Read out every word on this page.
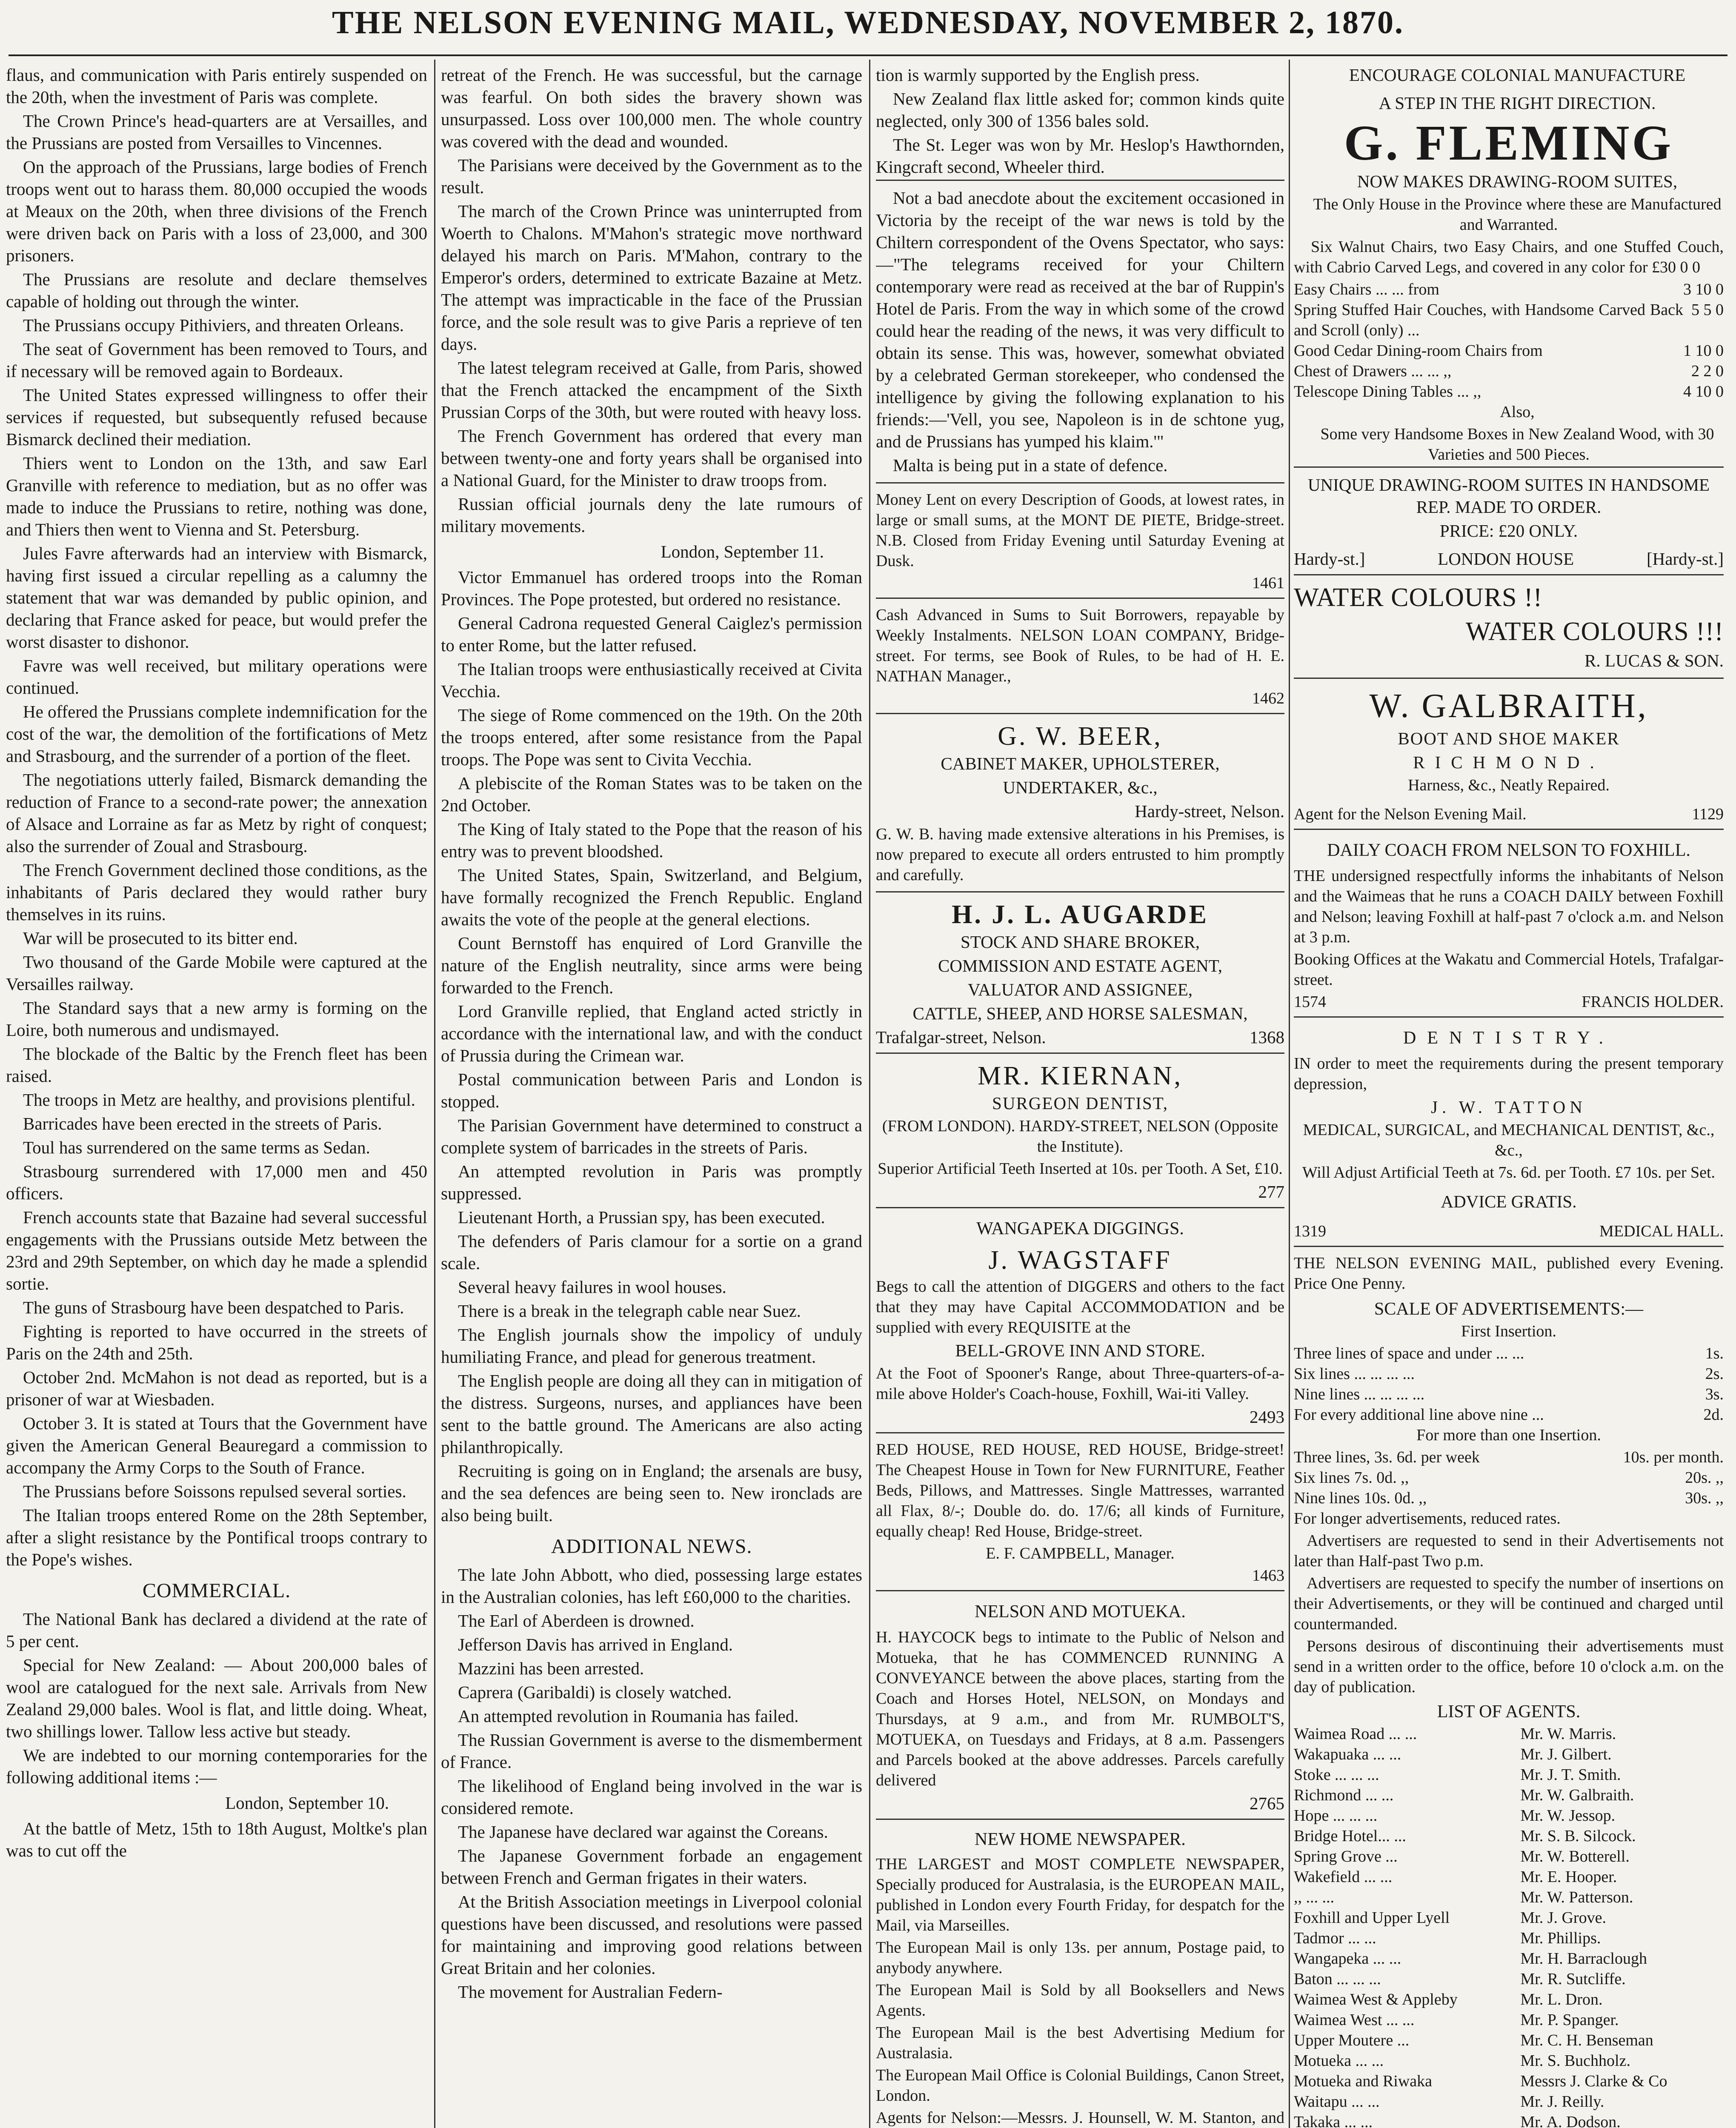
THE NELSON EVENING MAIL, WEDNESDAY, NOVEMBER 2, 1870.

flaus, and communication with Paris entirely suspended on the 20th, when the investment of Paris was complete.

The Crown Prince's head-quarters are at Versailles, and the Prussians are posted from Versailles to Vincennes.

On the approach of the Prussians, large bodies of French troops went out to harass them. 80,000 occupied the woods at Meaux on the 20th, when three divisions of the French were driven back on Paris with a loss of 23,000, and 300 prisoners.

The Prussians are resolute and declare themselves capable of holding out through the winter.

The Prussians occupy Pithiviers, and threaten Orleans.

The seat of Government has been removed to Tours, and if necessary will be removed again to Bordeaux.

The United States expressed willingness to offer their services if requested, but subsequently refused because Bismarck declined their mediation.

Thiers went to London on the 13th, and saw Earl Granville with reference to mediation, but as no offer was made to induce the Prussians to retire, nothing was done, and Thiers then went to Vienna and St. Petersburg.

Jules Favre afterwards had an interview with Bismarck, having first issued a circular repelling as a calumny the statement that war was demanded by public opinion, and declaring that France asked for peace, but would prefer the worst disaster to dishonor.

Favre was well received, but military operations were continued.

He offered the Prussians complete indemnification for the cost of the war, the demolition of the fortifications of Metz and Strasbourg, and the surrender of a portion of the fleet.

The negotiations utterly failed, Bismarck demanding the reduction of France to a second-rate power; the annexation of Alsace and Lorraine as far as Metz by right of conquest; also the surrender of Zoual and Strasbourg.

The French Government declined those conditions, as the inhabitants of Paris declared they would rather bury themselves in its ruins.

War will be prosecuted to its bitter end.

Two thousand of the Garde Mobile were captured at the Versailles railway.

The Standard says that a new army is forming on the Loire, both numerous and undismayed.

The blockade of the Baltic by the French fleet has been raised.

The troops in Metz are healthy, and provisions plentiful.

Barricades have been erected in the streets of Paris.

Toul has surrendered on the same terms as Sedan.

Strasbourg surrendered with 17,000 men and 450 officers.

French accounts state that Bazaine had several successful engagements with the Prussians outside Metz between the 23rd and 29th September, on which day he made a splendid sortie.

The guns of Strasbourg have been despatched to Paris.

Fighting is reported to have occurred in the streets of Paris on the 24th and 25th.

October 2nd. McMahon is not dead as reported, but is a prisoner of war at Wiesbaden.

October 3. It is stated at Tours that the Government have given the American General Beauregard a commission to accompany the Army Corps to the South of France.

The Prussians before Soissons repulsed several sorties.

The Italian troops entered Rome on the 28th September, after a slight resistance by the Pontifical troops contrary to the Pope's wishes.

COMMERCIAL.

The National Bank has declared a dividend at the rate of 5 per cent.

Special for New Zealand: — About 200,000 bales of wool are catalogued for the next sale. Arrivals from New Zealand 29,000 bales. Wool is flat, and little doing. Wheat, two shillings lower. Tallow less active but steady.

We are indebted to our morning contemporaries for the following additional items :—

London, September 10.

At the battle of Metz, 15th to 18th August, Moltke's plan was to cut off the

retreat of the French. He was successful, but the carnage was fearful. On both sides the bravery shown was unsurpassed. Loss over 100,000 men. The whole country was covered with the dead and wounded.

The Parisians were deceived by the Government as to the result.

The march of the Crown Prince was uninterrupted from Woerth to Chalons. M'Mahon's strategic move northward delayed his march on Paris. M'Mahon, contrary to the Emperor's orders, determined to extricate Bazaine at Metz. The attempt was impracticable in the face of the Prussian force, and the sole result was to give Paris a reprieve of ten days.

The latest telegram received at Galle, from Paris, showed that the French attacked the encampment of the Sixth Prussian Corps of the 30th, but were routed with heavy loss.

The French Government has ordered that every man between twenty-one and forty years shall be organised into a National Guard, for the Minister to draw troops from.

Russian official journals deny the late rumours of military movements.

London, September 11.

Victor Emmanuel has ordered troops into the Roman Provinces. The Pope protested, but ordered no resistance.

General Cadrona requested General Caiglez's permission to enter Rome, but the latter refused.

The Italian troops were enthusiastically received at Civita Vecchia.

The siege of Rome commenced on the 19th. On the 20th the troops entered, after some resistance from the Papal troops. The Pope was sent to Civita Vecchia.

A plebiscite of the Roman States was to be taken on the 2nd October.

The King of Italy stated to the Pope that the reason of his entry was to prevent bloodshed.

The United States, Spain, Switzerland, and Belgium, have formally recognized the French Republic. England awaits the vote of the people at the general elections.

Count Bernstoff has enquired of Lord Granville the nature of the English neutrality, since arms were being forwarded to the French.

Lord Granville replied, that England acted strictly in accordance with the international law, and with the conduct of Prussia during the Crimean war.

Postal communication between Paris and London is stopped.

The Parisian Government have determined to construct a complete system of barricades in the streets of Paris.

An attempted revolution in Paris was promptly suppressed.

Lieutenant Horth, a Prussian spy, has been executed.

The defenders of Paris clamour for a sortie on a grand scale.

Several heavy failures in wool houses.

There is a break in the telegraph cable near Suez.

The English journals show the impolicy of unduly humiliating France, and plead for generous treatment.

The English people are doing all they can in mitigation of the distress. Surgeons, nurses, and appliances have been sent to the battle ground. The Americans are also acting philanthropically.

Recruiting is going on in England; the arsenals are busy, and the sea defences are being seen to. New ironclads are also being built.

ADDITIONAL NEWS.

The late John Abbott, who died, possessing large estates in the Australian colonies, has left £60,000 to the charities.

The Earl of Aberdeen is drowned.

Jefferson Davis has arrived in England.

Mazzini has been arrested.

Caprera (Garibaldi) is closely watched.

An attempted revolution in Roumania has failed.

The Russian Government is averse to the dismemberment of France.

The likelihood of England being involved in the war is considered remote.

The Japanese have declared war against the Coreans.

The Japanese Government forbade an engagement between French and German frigates in their waters.

At the British Association meetings in Liverpool colonial questions have been discussed, and resolutions were passed for maintaining and improving good relations between Great Britain and her colonies.

The movement for Australian Federn-

tion is warmly supported by the English press.

New Zealand flax little asked for; common kinds quite neglected, only 300 of 1356 bales sold.

The St. Leger was won by Mr. Heslop's Hawthornden, Kingcraft second, Wheeler third.

Not a bad anecdote about the excitement occasioned in Victoria by the receipt of the war news is told by the Chiltern correspondent of the Ovens Spectator, who says:—"The telegrams received for your Chiltern contemporary were read as received at the bar of Ruppin's Hotel de Paris. From the way in which some of the crowd could hear the reading of the news, it was very difficult to obtain its sense. This was, however, somewhat obviated by a celebrated German storekeeper, who condensed the intelligence by giving the following explanation to his friends:—'Vell, you see, Napoleon is in de schtone yug, and de Prussians has yumped his klaim.'"

Malta is being put in a state of defence.

Money Lent on every Description of Goods, at lowest rates, in large or small sums, at the MONT DE PIETE, Bridge-street. N.B. Closed from Friday Evening until Saturday Evening at Dusk.

1461

Cash Advanced in Sums to Suit Borrowers, repayable by Weekly Instalments. NELSON LOAN COMPANY, Bridge-street. For terms, see Book of Rules, to be had of H. E. NATHAN Manager.,

1462
G. W. BEER,

CABINET MAKER, UPHOLSTERER,

UNDERTAKER, &c.,

Hardy-street, Nelson.

G. W. B. having made extensive alterations in his Premises, is now prepared to execute all orders entrusted to him promptly and carefully.

H. J. L. AUGARDE

STOCK AND SHARE BROKER,

COMMISSION AND ESTATE AGENT,

VALUATOR AND ASSIGNEE,

CATTLE, SHEEP, AND HORSE SALESMAN,

Trafalgar-street, Nelson.	1368
MR. KIERNAN,

SURGEON DENTIST,

(FROM LONDON). HARDY-STREET, NELSON (Opposite the Institute).

Superior Artificial Teeth Inserted at 10s. per Tooth. A Set, £10.

277
WANGAPEKA DIGGINGS.
J. WAGSTAFF

Begs to call the attention of DIGGERS and others to the fact that they may have Capital ACCOMMODATION and be supplied with every REQUISITE at the

BELL-GROVE INN AND STORE.

At the Foot of Spooner's Range, about Three-quarters-of-a-mile above Holder's Coach-house, Foxhill, Wai-iti Valley.

2493

RED HOUSE, RED HOUSE, RED HOUSE, Bridge-street! The Cheapest House in Town for New FURNITURE, Feather Beds, Pillows, and Mattresses. Single Mattresses, warranted all Flax, 8/-; Double do. do. 17/6; all kinds of Furniture, equally cheap! Red House, Bridge-street.

E. F. CAMPBELL, Manager.

1463
NELSON AND MOTUEKA.

H. HAYCOCK begs to intimate to the Public of Nelson and Motueka, that he has COMMENCED RUNNING A CONVEYANCE between the above places, starting from the Coach and Horses Hotel, NELSON, on Mondays and Thursdays, at 9 a.m., and from Mr. RUMBOLT'S, MOTUEKA, on Tuesdays and Fridays, at 8 a.m. Passengers and Parcels booked at the above addresses. Parcels carefully delivered

2765
NEW HOME NEWSPAPER.

THE LARGEST and MOST COMPLETE NEWSPAPER, Specially produced for Australasia, is the EUROPEAN MAIL, published in London every Fourth Friday, for despatch for the Mail, via Marseilles.

The European Mail is only 13s. per annum, Postage paid, to anybody anywhere.

The European Mail is Sold by all Booksellers and News Agents.

The European Mail is the best Advertising Medium for Australasia.

The European Mail Office is Colonial Buildings, Canon Street, London.

Agents for Nelson:—Messrs. J. Hounsell, W. M. Stanton, and

ENCOURAGE COLONIAL MANUFACTURE

A STEP IN THE RIGHT DIRECTION.

G. FLEMING

NOW MAKES DRAWING-ROOM SUITES,

The Only House in the Province where these are Manufactured and Warranted.

Six Walnut Chairs, two Easy Chairs, and one Stuffed Couch, with Cabrio Carved Legs, and covered in any color for £30 0 0

Easy Chairs ... ... from	3 10 0
Spring Stuffed Hair Couches, with Handsome Carved Back and Scroll (only) ...	5 5 0
Good Cedar Dining-room Chairs from	1 10 0
Chest of Drawers ... ... ,,	2 2 0
Telescope Dining Tables ... ,,	4 10 0

Also,

Some very Handsome Boxes in New Zealand Wood, with 30 Varieties and 500 Pieces.

UNIQUE DRAWING-ROOM SUITES IN HANDSOME REP. MADE TO ORDER.

PRICE: £20 ONLY.

Hardy-st.]	LONDON HOUSE	[Hardy-st.]

WATER COLOURS !!

WATER COLOURS !!!

R. LUCAS & SON.

W. GALBRAITH,

BOOT AND SHOE MAKER

RICHMOND.

Harness, &c., Neatly Repaired.

Agent for the Nelson Evening Mail.	1129
DAILY COACH FROM NELSON TO FOXHILL.

THE undersigned respectfully informs the inhabitants of Nelson and the Waimeas that he runs a COACH DAILY between Foxhill and Nelson; leaving Foxhill at half-past 7 o'clock a.m. and Nelson at 3 p.m.

Booking Offices at the Wakatu and Commercial Hotels, Trafalgar-street.

1574	FRANCIS HOLDER.
DENTISTRY.

IN order to meet the requirements during the present temporary depression,

J. W. TATTON

MEDICAL, SURGICAL, and MECHANICAL DENTIST, &c., &c.,

Will Adjust Artificial Teeth at 7s. 6d. per Tooth. £7 10s. per Set.

ADVICE GRATIS.

1319	MEDICAL HALL.

THE NELSON EVENING MAIL, published every Evening. Price One Penny.

SCALE OF ADVERTISEMENTS:—

First Insertion.

Three lines of space and under ... ...	1s.
Six lines ... ... ... ...	2s.
Nine lines ... ... ... ...	3s.
For every additional line above nine ...	2d.

For more than one Insertion.

Three lines, 3s. 6d. per week	10s. per month.
Six lines 7s. 0d. ,,	20s. ,,
Nine lines 10s. 0d. ,,	30s. ,,

For longer advertisements, reduced rates.

Advertisers are requested to send in their Advertisements not later than Half-past Two p.m.

Advertisers are requested to specify the number of insertions on their Advertisements, or they will be continued and charged until countermanded.

Persons desirous of discontinuing their advertisements must send in a written order to the office, before 10 o'clock a.m. on the day of publication.

LIST OF AGENTS.

Waimea Road ... ...	Mr. W. Marris.
Wakapuaka ... ...	Mr. J. Gilbert.
Stoke ... ... ...	Mr. J. T. Smith.
Richmond ... ...	Mr. W. Galbraith.
Hope ... ... ...	Mr. W. Jessop.
Bridge Hotel... ...	Mr. S. B. Silcock.
Spring Grove ...	Mr. W. Botterell.
Wakefield ... ...	Mr. E. Hooper.
,, ... ...	Mr. W. Patterson.
Foxhill and Upper Lyell	Mr. J. Grove.
Tadmor ... ...	Mr. Phillips.
Wangapeka ... ...	Mr. H. Barraclough
Baton ... ... ...	Mr. R. Sutcliffe.
Waimea West & Appleby	Mr. L. Dron.
Waimea West ... ...	Mr. P. Spanger.
Upper Moutere ...	Mr. C. H. Benseman
Motueka ... ...	Mr. S. Buchholz.
Motueka and Riwaka	Messrs J. Clarke & Co
Waitapu ... ...	Mr. J. Reilly.
Takaka ... ...	Mr. A. Dodson.
